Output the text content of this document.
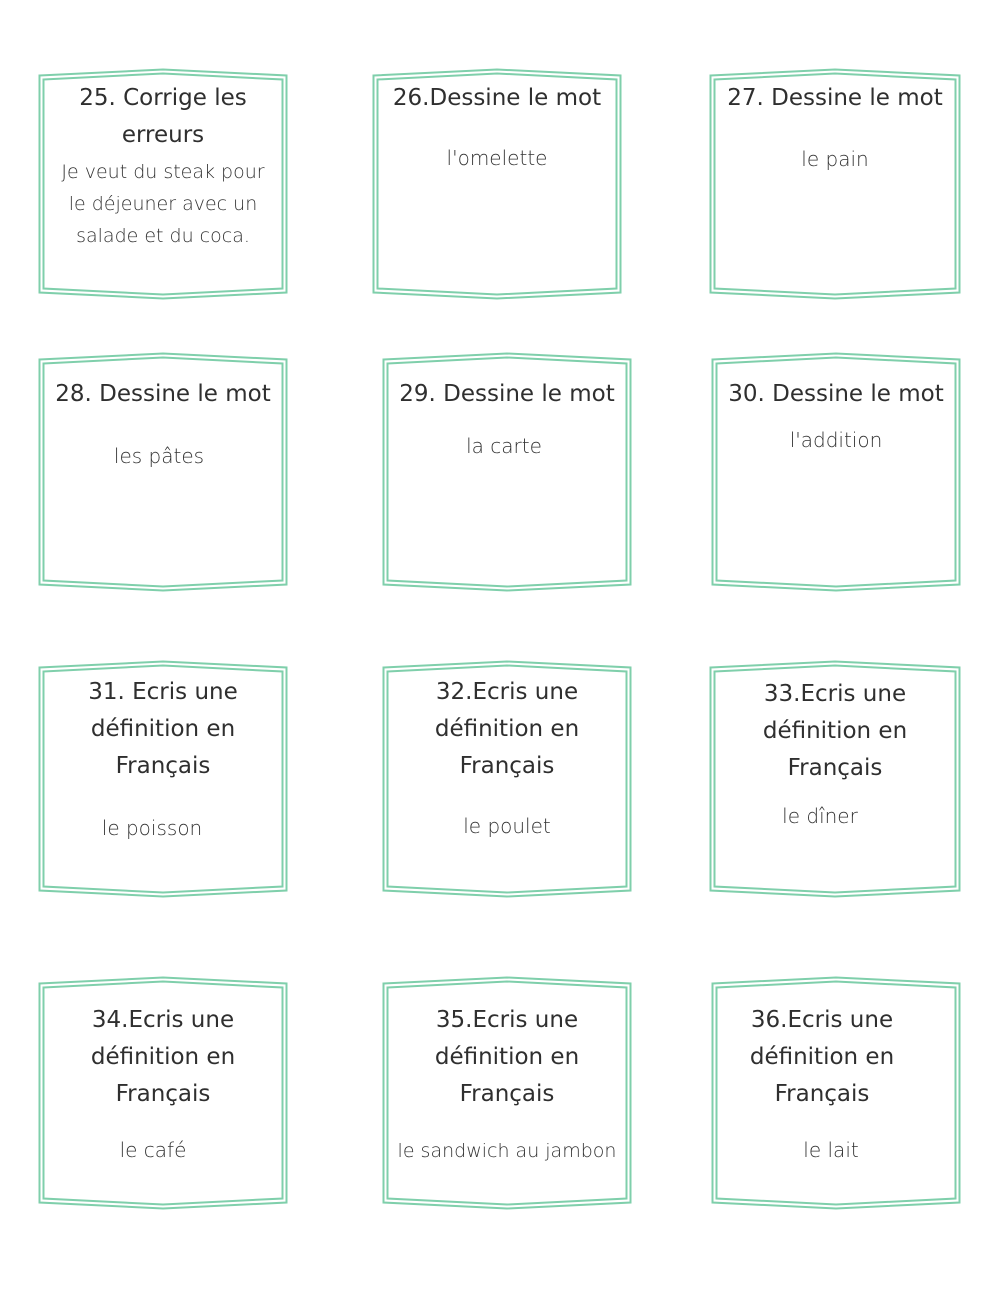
25. Corrige les erreurs
Je veut du steak pour le déjeuner avec un salade et du coca.
26.Dessine le mot
l'omelette
27. Dessine le mot
le pain
28. Dessine le mot
les pâtes
29. Dessine le mot
la carte
30. Dessine le mot
l'addition
31. Ecris une définition en Français
le poisson
32.Ecris une définition en Français
le poulet
33.Ecris une définition en Français
le dîner
34.Ecris une définition en Français
le café
35.Ecris une définition en Français
le sandwich au jambon
36.Ecris une définition en Français
le lait
